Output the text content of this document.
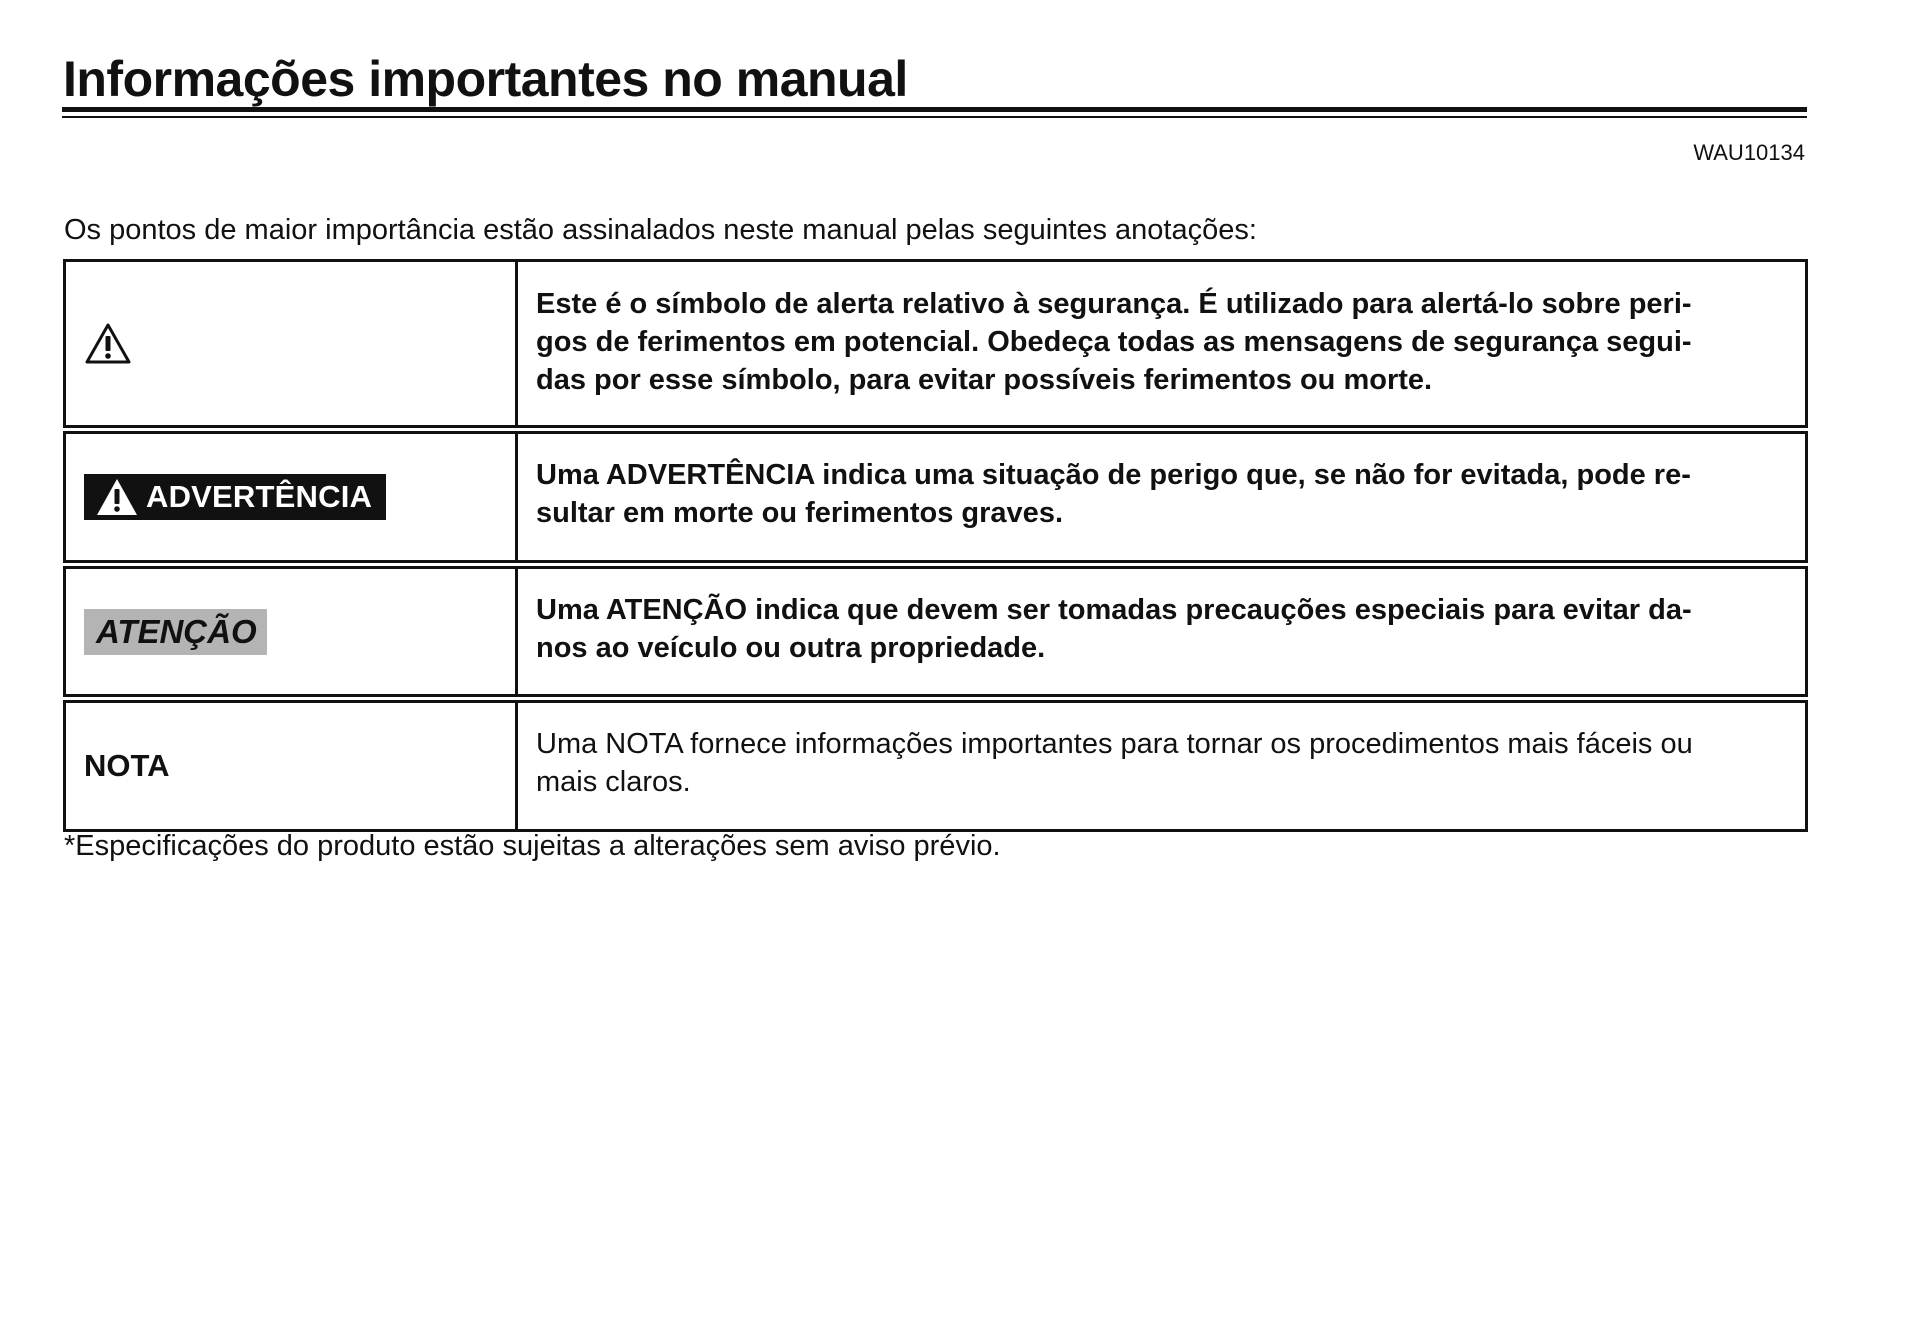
Informações importantes no manual
WAU10134
Os pontos de maior importância estão assinalados neste manual pelas seguintes anotações:
Este é o símbolo de alerta relativo à segurança. É utilizado para alertá-lo sobre peri-
gos de ferimentos em potencial. Obedeça todas as mensagens de segurança segui-
das por esse símbolo, para evitar possíveis ferimentos ou morte.
ADVERTÊNCIA
Uma ADVERTÊNCIA indica uma situação de perigo que, se não for evitada, pode re-
sultar em morte ou ferimentos graves.
ATENÇÃO
Uma ATENÇÃO indica que devem ser tomadas precauções especiais para evitar da-
nos ao veículo ou outra propriedade.
NOTA
Uma NOTA fornece informações importantes para tornar os procedimentos mais fáceis ou
mais claros.
*Especificações do produto estão sujeitas a alterações sem aviso prévio.
